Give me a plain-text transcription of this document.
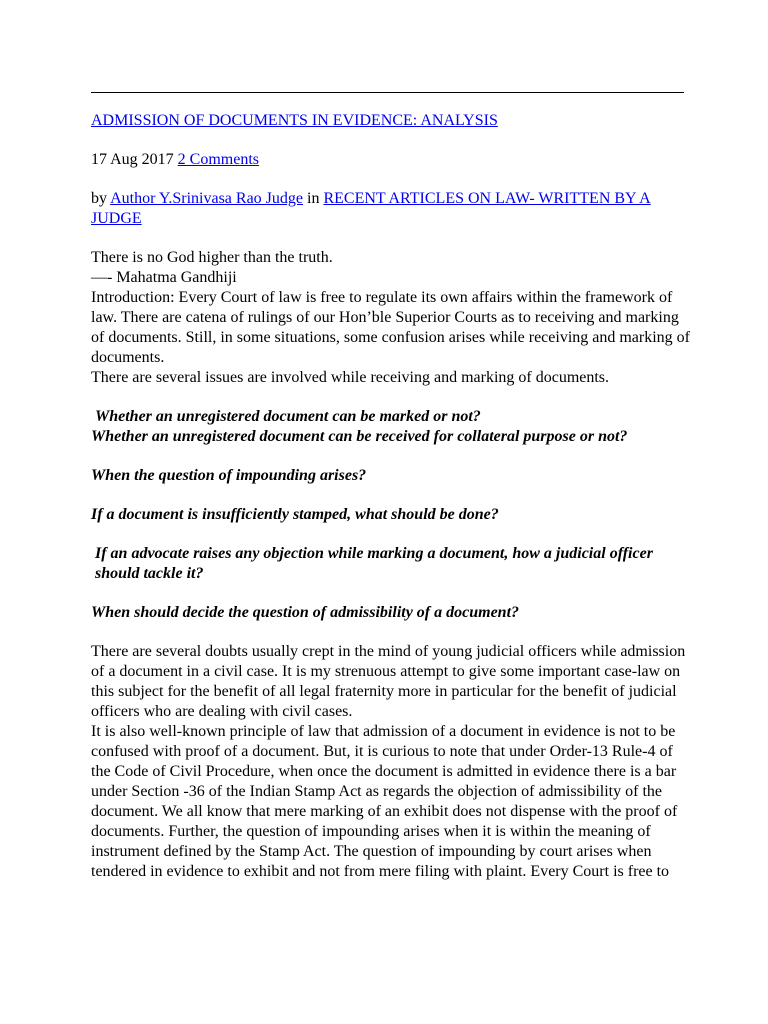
ADMISSION OF DOCUMENTS IN EVIDENCE: ANALYSIS

17 Aug 2017 2 Comments

by Author Y.Srinivasa Rao Judge in RECENT ARTICLES ON LAW- WRITTEN BY A JUDGE

There is no God higher than the truth.

—- Mahatma Gandhiji

Introduction: Every Court of law is free to regulate its own affairs within the framework of law. There are catena of rulings of our Hon’ble Superior Courts as to receiving and marking of documents. Still, in some situations, some confusion arises while receiving and marking of documents.

There are several issues are involved while receiving and marking of documents.

Whether an unregistered document can be marked or not?

Whether an unregistered document can be received for collateral purpose or not?

When the question of impounding arises?

If a document is insufficiently stamped, what should be done?

If an advocate raises any objection while marking a document, how a judicial officer should tackle it?

When should decide the question of admissibility of a document?

There are several doubts usually crept in the mind of young judicial officers while admission of a document in a civil case. It is my strenuous attempt to give some important case-law on this subject for the benefit of all legal fraternity more in particular for the benefit of judicial officers who are dealing with civil cases.

It is also well-known principle of law that admission of a document in evidence is not to be confused with proof of a document. But, it is curious to note that under Order-13 Rule-4 of the Code of Civil Procedure, when once the document is admitted in evidence there is a bar under Section -36 of the Indian Stamp Act as regards the objection of admissibility of the document. We all know that mere marking of an exhibit does not dispense with the proof of documents. Further, the question of impounding arises when it is within the meaning of instrument defined by the Stamp Act. The question of impounding by court arises when tendered in evidence to exhibit and not from mere filing with plaint. Every Court is free to
